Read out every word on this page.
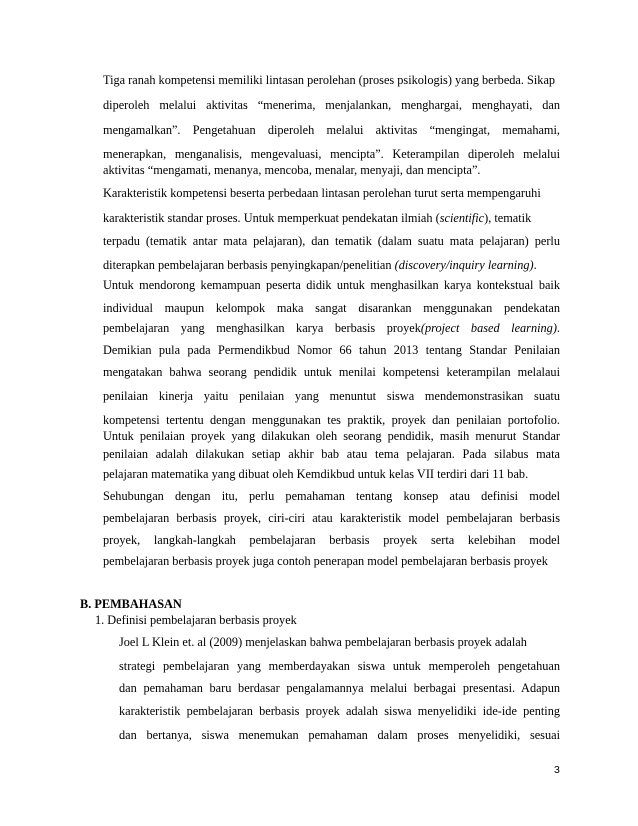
Tiga ranah kompetensi memiliki lintasan perolehan (proses psikologis) yang berbeda. Sikap
diperoleh melalui aktivitas “menerima, menjalankan, menghargai, menghayati, dan
mengamalkan”. Pengetahuan diperoleh melalui aktivitas “mengingat, memahami,
menerapkan, menganalisis, mengevaluasi, mencipta”. Keterampilan diperoleh melalui
aktivitas “mengamati, menanya, mencoba, menalar, menyaji, dan mencipta”.
Karakteristik kompetensi beserta perbedaan lintasan perolehan turut serta mempengaruhi
karakteristik standar proses. Untuk memperkuat pendekatan ilmiah (scientific), tematik
terpadu (tematik antar mata pelajaran), dan tematik (dalam suatu mata pelajaran) perlu
diterapkan pembelajaran berbasis penyingkapan/penelitian (discovery/inquiry learning).
Untuk mendorong kemampuan peserta didik untuk menghasilkan karya kontekstual baik
individual maupun kelompok maka sangat disarankan menggunakan pendekatan
pembelajaran yang menghasilkan karya berbasis proyek(project based learning).
Demikian pula pada Permendikbud Nomor 66 tahun 2013 tentang Standar Penilaian
mengatakan bahwa seorang pendidik untuk menilai kompetensi keterampilan melalaui
penilaian kinerja yaitu penilaian yang menuntut siswa mendemonstrasikan suatu
kompetensi tertentu dengan menggunakan tes praktik, proyek dan penilaian portofolio.
Untuk penilaian proyek yang dilakukan oleh seorang pendidik, masih menurut Standar
penilaian adalah dilakukan setiap akhir bab atau tema pelajaran. Pada silabus mata
pelajaran matematika yang dibuat oleh Kemdikbud untuk kelas VII terdiri dari 11 bab.
Sehubungan dengan itu, perlu pemahaman tentang konsep atau definisi model
pembelajaran berbasis proyek, ciri-ciri atau karakteristik model pembelajaran berbasis
proyek, langkah-langkah pembelajaran berbasis proyek serta kelebihan model
pembelajaran berbasis proyek juga contoh penerapan model pembelajaran berbasis proyek
B. PEMBAHASAN
1. Definisi pembelajaran berbasis proyek
Joel L Klein et. al (2009) menjelaskan bahwa pembelajaran berbasis proyek adalah
strategi pembelajaran yang memberdayakan siswa untuk memperoleh pengetahuan
dan pemahaman baru berdasar pengalamannya melalui berbagai presentasi. Adapun
karakteristik pembelajaran berbasis proyek adalah siswa menyelidiki ide-ide penting
dan bertanya, siswa menemukan pemahaman dalam proses menyelidiki, sesuai
3
